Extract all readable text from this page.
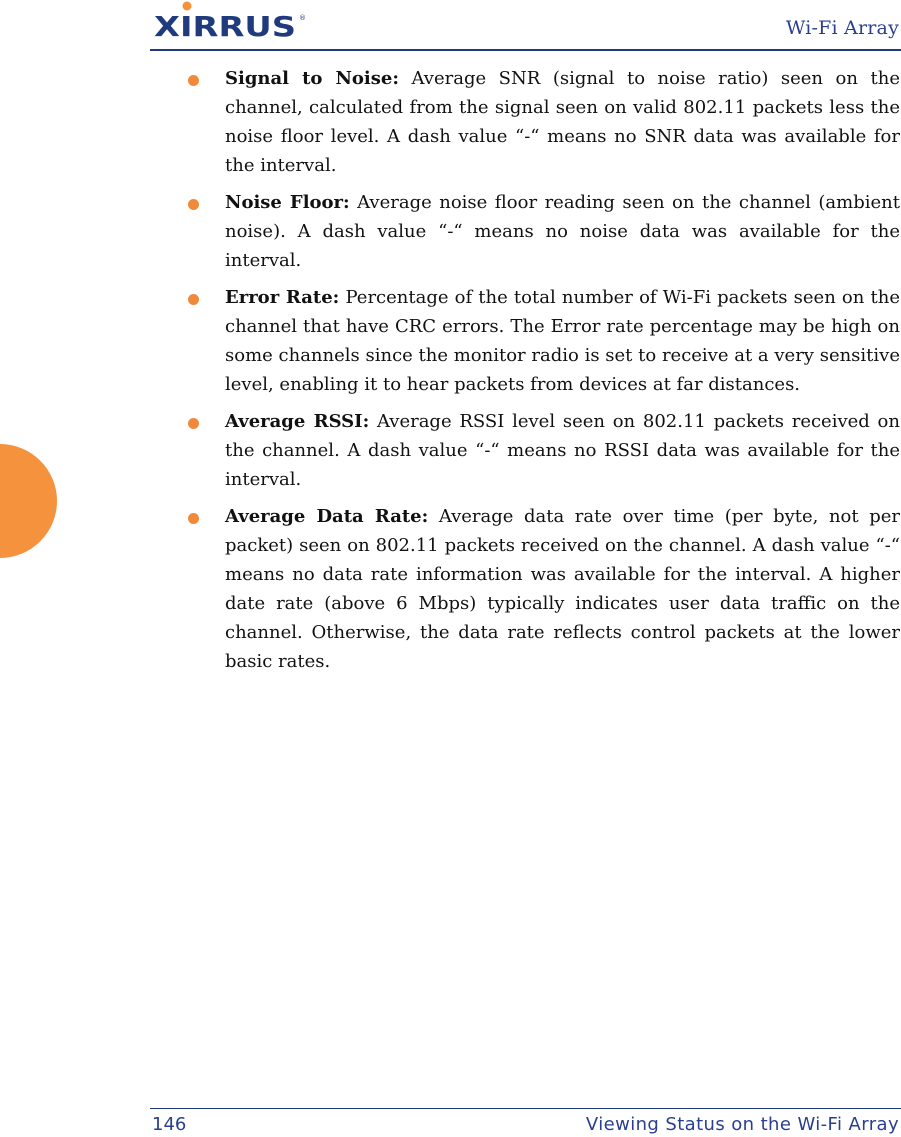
XIRRUS ®	Wi-Fi Array

Signal to Noise: Average SNR (signal to noise ratio) seen on the channel, calculated from the signal seen on valid 802.11 packets less the noise floor level. A dash value “-“ means no SNR data was available for the interval.

Noise Floor: Average noise floor reading seen on the channel (ambient noise). A dash value “-“ means no noise data was available for the interval.

Error Rate: Percentage of the total number of Wi-Fi packets seen on the channel that have CRC errors. The Error rate percentage may be high on some channels since the monitor radio is set to receive at a very sensitive level, enabling it to hear packets from devices at far distances.

Average RSSI: Average RSSI level seen on 802.11 packets received on the channel. A dash value “-“ means no RSSI data was available for the interval.

Average Data Rate: Average data rate over time (per byte, not per packet) seen on 802.11 packets received on the channel. A dash value “-“ means no data rate information was available for the interval. A higher date rate (above 6 Mbps) typically indicates user data traffic on the channel. Otherwise, the data rate reflects control packets at the lower basic rates.

146	Viewing Status on the Wi-Fi Array
